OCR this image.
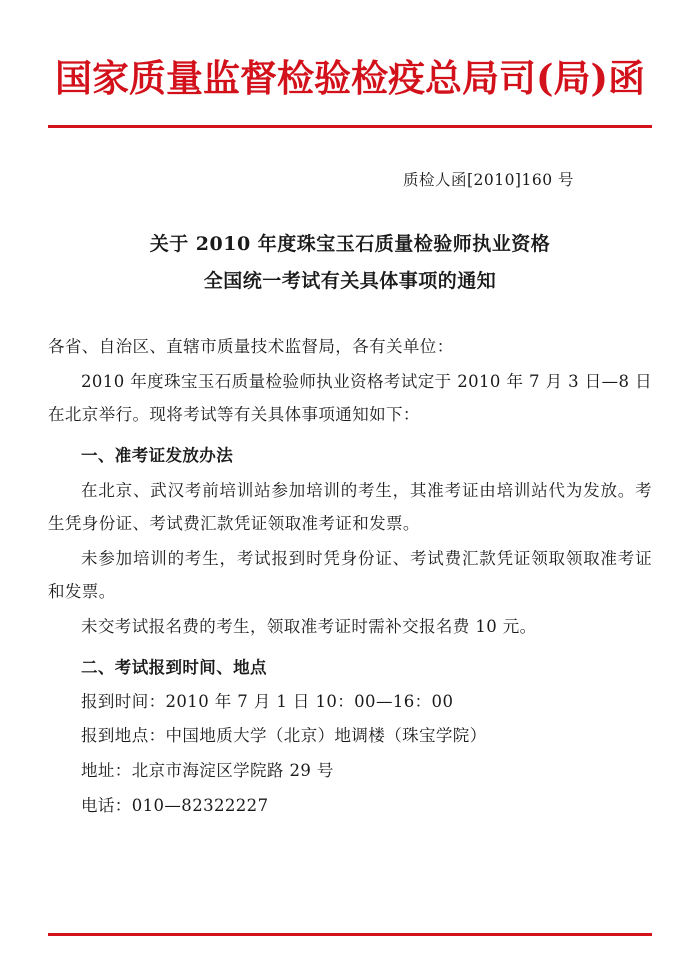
国家质量监督检验检疫总局司(局)函
质检人函[2010]160 号
关于 2010 年度珠宝玉石质量检验师执业资格
全国统一考试有关具体事项的通知

各省、自治区、直辖市质量技术监督局，各有关单位：

2010 年度珠宝玉石质量检验师执业资格考试定于 2010 年 7 月 3 日—8 日在北京举行。现将考试等有关具体事项通知如下：

一、准考证发放办法

在北京、武汉考前培训站参加培训的考生，其准考证由培训站代为发放。考生凭身份证、考试费汇款凭证领取准考证和发票。

未参加培训的考生，考试报到时凭身份证、考试费汇款凭证领取领取准考证和发票。

未交考试报名费的考生，领取准考证时需补交报名费 10 元。

二、考试报到时间、地点

报到时间：2010 年 7 月 1 日 10：00—16：00

报到地点：中国地质大学（北京）地调楼（珠宝学院）

地址：北京市海淀区学院路 29 号

电话：010—82322227
